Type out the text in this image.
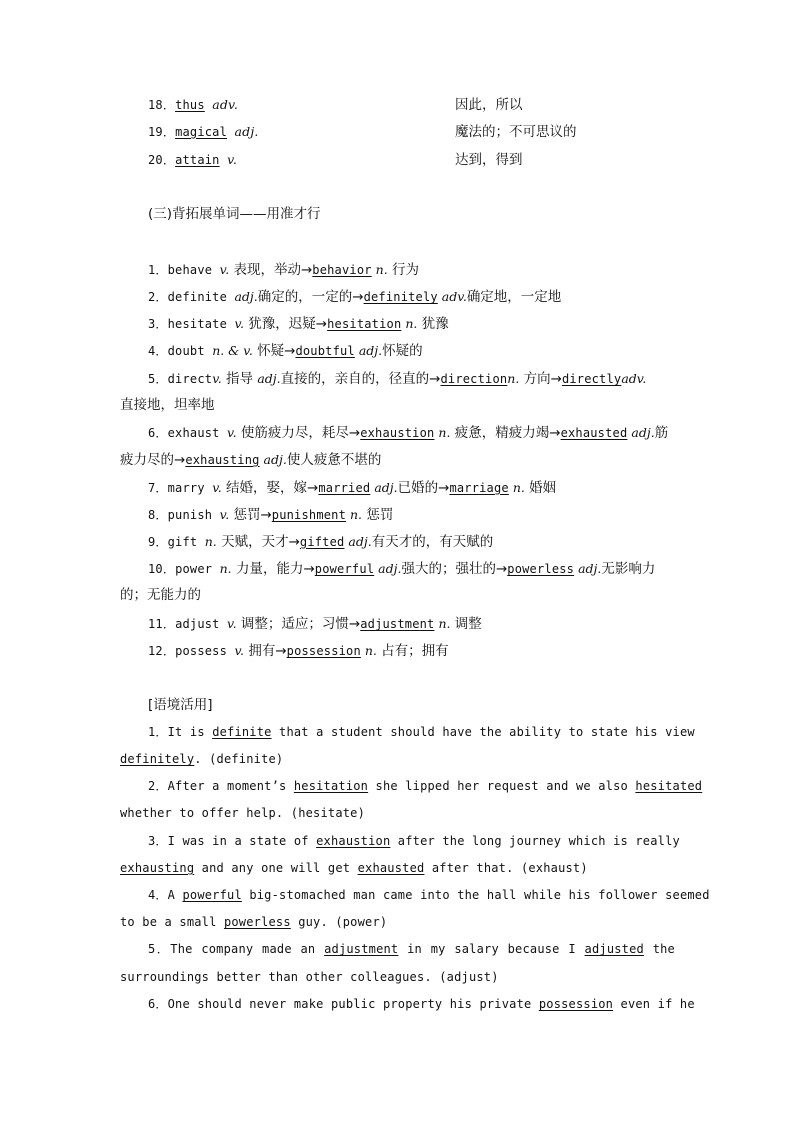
18．thus adv.	因此，所以
19．magical adj.	魔法的；不可思议的
20．attain v.	达到，得到
(三)背拓展单词——用准才行
1．behave v. 表现，举动→behavior n. 行为
2．definite adj.确定的，一定的→definitely adv.确定地，一定地
3．hesitate v. 犹豫，迟疑→hesitation n. 犹豫
4．doubt n. & v. 怀疑→doubtful adj.怀疑的
5．directv. 指导 adj.直接的，亲自的，径直的→directionn. 方向→directlyadv.
直接地，坦率地
6．exhaust v. 使筋疲力尽，耗尽→exhaustion n. 疲惫，精疲力竭→exhausted adj.筋
疲力尽的→exhausting adj.使人疲惫不堪的
7．marry v. 结婚，娶，嫁→married adj.已婚的→marriage n. 婚姻
8．punish v. 惩罚→punishment n. 惩罚
9．gift n. 天赋，天才→gifted adj.有天才的，有天赋的
10．power n. 力量，能力→powerful adj.强大的；强壮的→powerless adj.无影响力
的；无能力的
11．adjust v. 调整；适应；习惯→adjustment n. 调整
12．possess v. 拥有→possession n. 占有；拥有
[语境活用]
1．It is definite that a student should have the ability to state his view
definitely. (definite)
2．After a moment’s hesitation she lipped her request and we also hesitated
whether to offer help. (hesitate)
3．I was in a state of exhaustion after the long journey which is really
exhausting and any one will get exhausted after that. (exhaust)
4．A powerful big-stomached man came into the hall while his follower seemed
to be a small powerless guy. (power)
5．The company made an adjustment in my salary because I adjusted the
surroundings better than other colleagues. (adjust)
6．One should never make public property his private possession even if he
